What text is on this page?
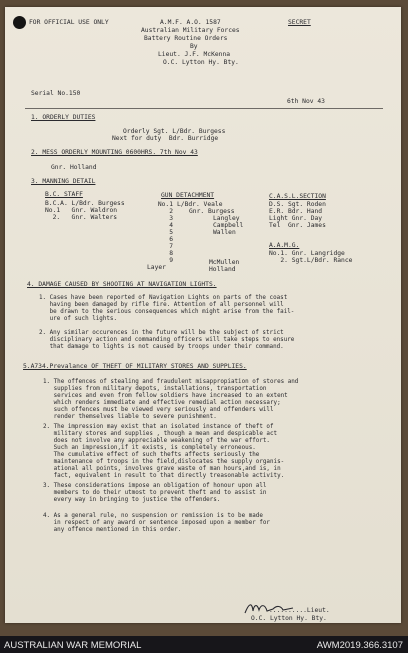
FOR OFFICIAL USE ONLY	SECRET
A.M.F. A.O. 1587
Australian Military Forces
Battery Routine Orders
By
Lieut. J.F. McKenna
O.C. Lytton Hy. Bty.
Serial No.150
6th Nov 43
1. ORDERLY DUTIES
Orderly Sgt. L/Bdr. Burgess
Next for duty  Bdr. Burridge
2. MESS ORDERLY MOUNTING 0600HRS. 7th Nov 43
Gnr. Holland
3. MANNING DETAIL
B.C. STAFF
B.C.A. L/Bdr. Burgess
No.1   Gnr. Waldron
2.   Gnr. Walters
GUN DETACHMENT
No.1
2
3
4
5
6
7
8
9
Layer
L/Bdr. Veale
Gnr. Burgess
Langley
Campbell
Wallen
McMullen
Holland
C.A.S.L.SECTION
D.S. Sgt. Roden
E.R. Bdr. Hand
Light Gnr. Day
Tel  Gnr. James
A.A.M.G.
No.1. Gnr. Langridge
2. Sgt.L/Bdr. Rance
4. DAMAGE CAUSED BY SHOOTING AT NAVIGATION LIGHTS.
1. Cases have been reported of Navigation Lights on parts of the coast
having been damaged by rifle fire. Attention of all personnel will
be drawn to the serious consequences which might arise from the fail-
ure of such lights.
2. Any similar occurences in the future will be the subject of strict
disciplinary action and commanding officers will take steps to ensure
that damage to lights is not caused by troops under their command.
5.A734.Prevalance OF THEFT OF MILITARY STORES AND SUPPLIES.
1. The offences of stealing and fraudulent misappropiation of stores and
supplies from military depots, installations, transportation
services and even from fellow soldiers have increased to an extent
which renders immediate and effective remedial action necessary;
such offences must be viewed very seriously and offenders will
render themselves liable to severe punishment.
2. The impression may exist that an isolated instance of theft of
military stores and supplies , though a mean and despicable act
does not involve any appreciable weakening of the war effort.
Such an impression,if it exists, is completely erroneous.
The cumulative effect of such thefts affects seriously the
maintenance of troops in the field,dislocates the supply organis-
ational all points, involves grave waste of man hours,and is, in
fact, equivalent in result to that directly treasonable activity.
3. These considerations impose an obligation of honour upon all
members to do their utmost to prevent theft and to assist in
every way in bringing to justice the offenders.
4. As a general rule, no suspension or remission is to be made
in respect of any award or sentence imposed upon a member for
any offence mentioned in this order.
..........Lieut.
O.C. Lytton Hy. Bty.
AUSTRALIAN WAR MEMORIAL	AWM2019.366.3107
